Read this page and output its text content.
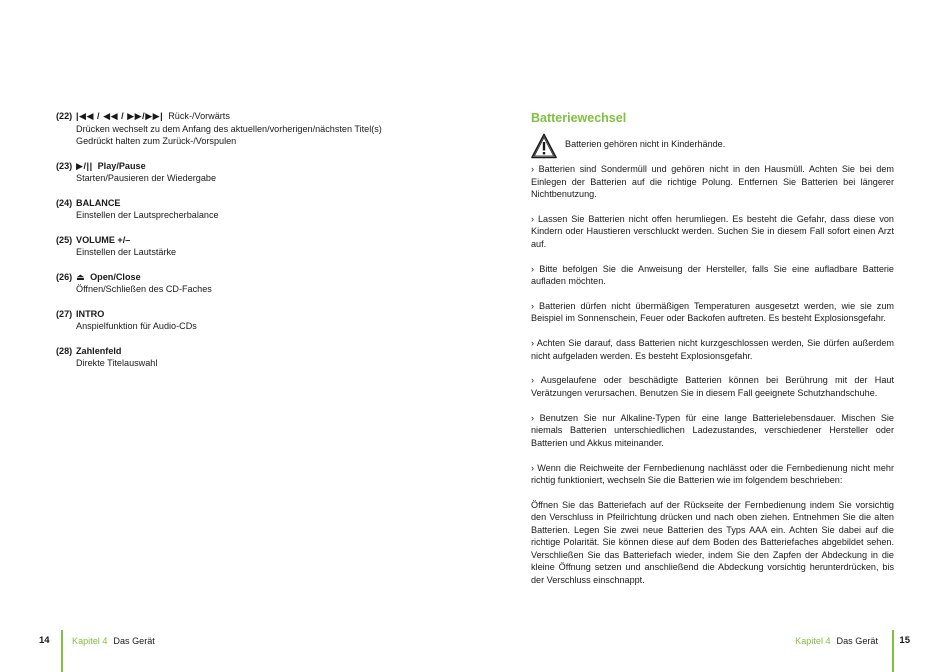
(22) |◀◀ / ◀◀ / ▶▶/▶▶| Rück-/Vorwärts
Drücken wechselt zu dem Anfang des aktuellen/vorherigen/nächsten Titel(s)
Gedrückt halten zum Zurück-/Vorspulen
(23) ▶/|| Play/Pause
Starten/Pausieren der Wiedergabe
(24) BALANCE
Einstellen der Lautsprecherbalance
(25) VOLUME +/–
Einstellen der Lautstärke
(26) ⏏ Open/Close
Öffnen/Schließen des CD-Faches
(27) INTRO
Anspielfunktion für Audio-CDs
(28) Zahlenfeld
Direkte Titelauswahl
14 Kapitel 4 Das Gerät
Batteriewechsel
Batterien gehören nicht in Kinderhände.

› Batterien sind Sondermüll und gehören nicht in den Hausmüll. Achten Sie bei dem Einlegen der Batterien auf die richtige Polung. Entfernen Sie Batterien bei längerer Nichtbenutzung.

› Lassen Sie Batterien nicht offen herumliegen. Es besteht die Gefahr, dass diese von Kindern oder Haustieren verschluckt werden. Suchen Sie in diesem Fall sofort einen Arzt auf.

› Bitte befolgen Sie die Anweisung der Hersteller, falls Sie eine aufladbare Batterie aufladen möchten.

› Batterien dürfen nicht übermäßigen Temperaturen ausgesetzt werden, wie sie zum Beispiel im Sonnenschein, Feuer oder Backofen auftreten. Es besteht Explosionsgefahr.

› Achten Sie darauf, dass Batterien nicht kurzgeschlossen werden, Sie dürfen außerdem nicht aufgeladen werden. Es besteht Explosionsgefahr.

› Ausgelaufene oder beschädigte Batterien können bei Berührung mit der Haut Verätzungen verursachen. Benutzen Sie in diesem Fall geeignete Schutzhandschuhe.

› Benutzen Sie nur Alkaline-Typen für eine lange Batterielebensdauer. Mischen Sie niemals Batterien unterschiedlichen Ladezustandes, verschiedener Hersteller oder Batterien und Akkus miteinander.

› Wenn die Reichweite der Fernbedienung nachlässt oder die Fernbedienung nicht mehr richtig funktioniert, wechseln Sie die Batterien wie im folgendem beschrieben:

Öffnen Sie das Batteriefach auf der Rückseite der Fernbedienung indem Sie vorsichtig den Verschluss in Pfeilrichtung drücken und nach oben ziehen. Entnehmen Sie die alten Batterien. Legen Sie zwei neue Batterien des Typs AAA ein. Achten Sie dabei auf die richtige Polarität. Sie können diese auf dem Boden des Batteriefaches abgebildet sehen. Verschließen Sie das Batteriefach wieder, indem Sie den Zapfen der Abdeckung in die kleine Öffnung setzen und anschließend die Abdeckung vorsichtig herunterdrücken, bis der Verschluss einschnappt.

Kapitel 4 Das Gerät 15
